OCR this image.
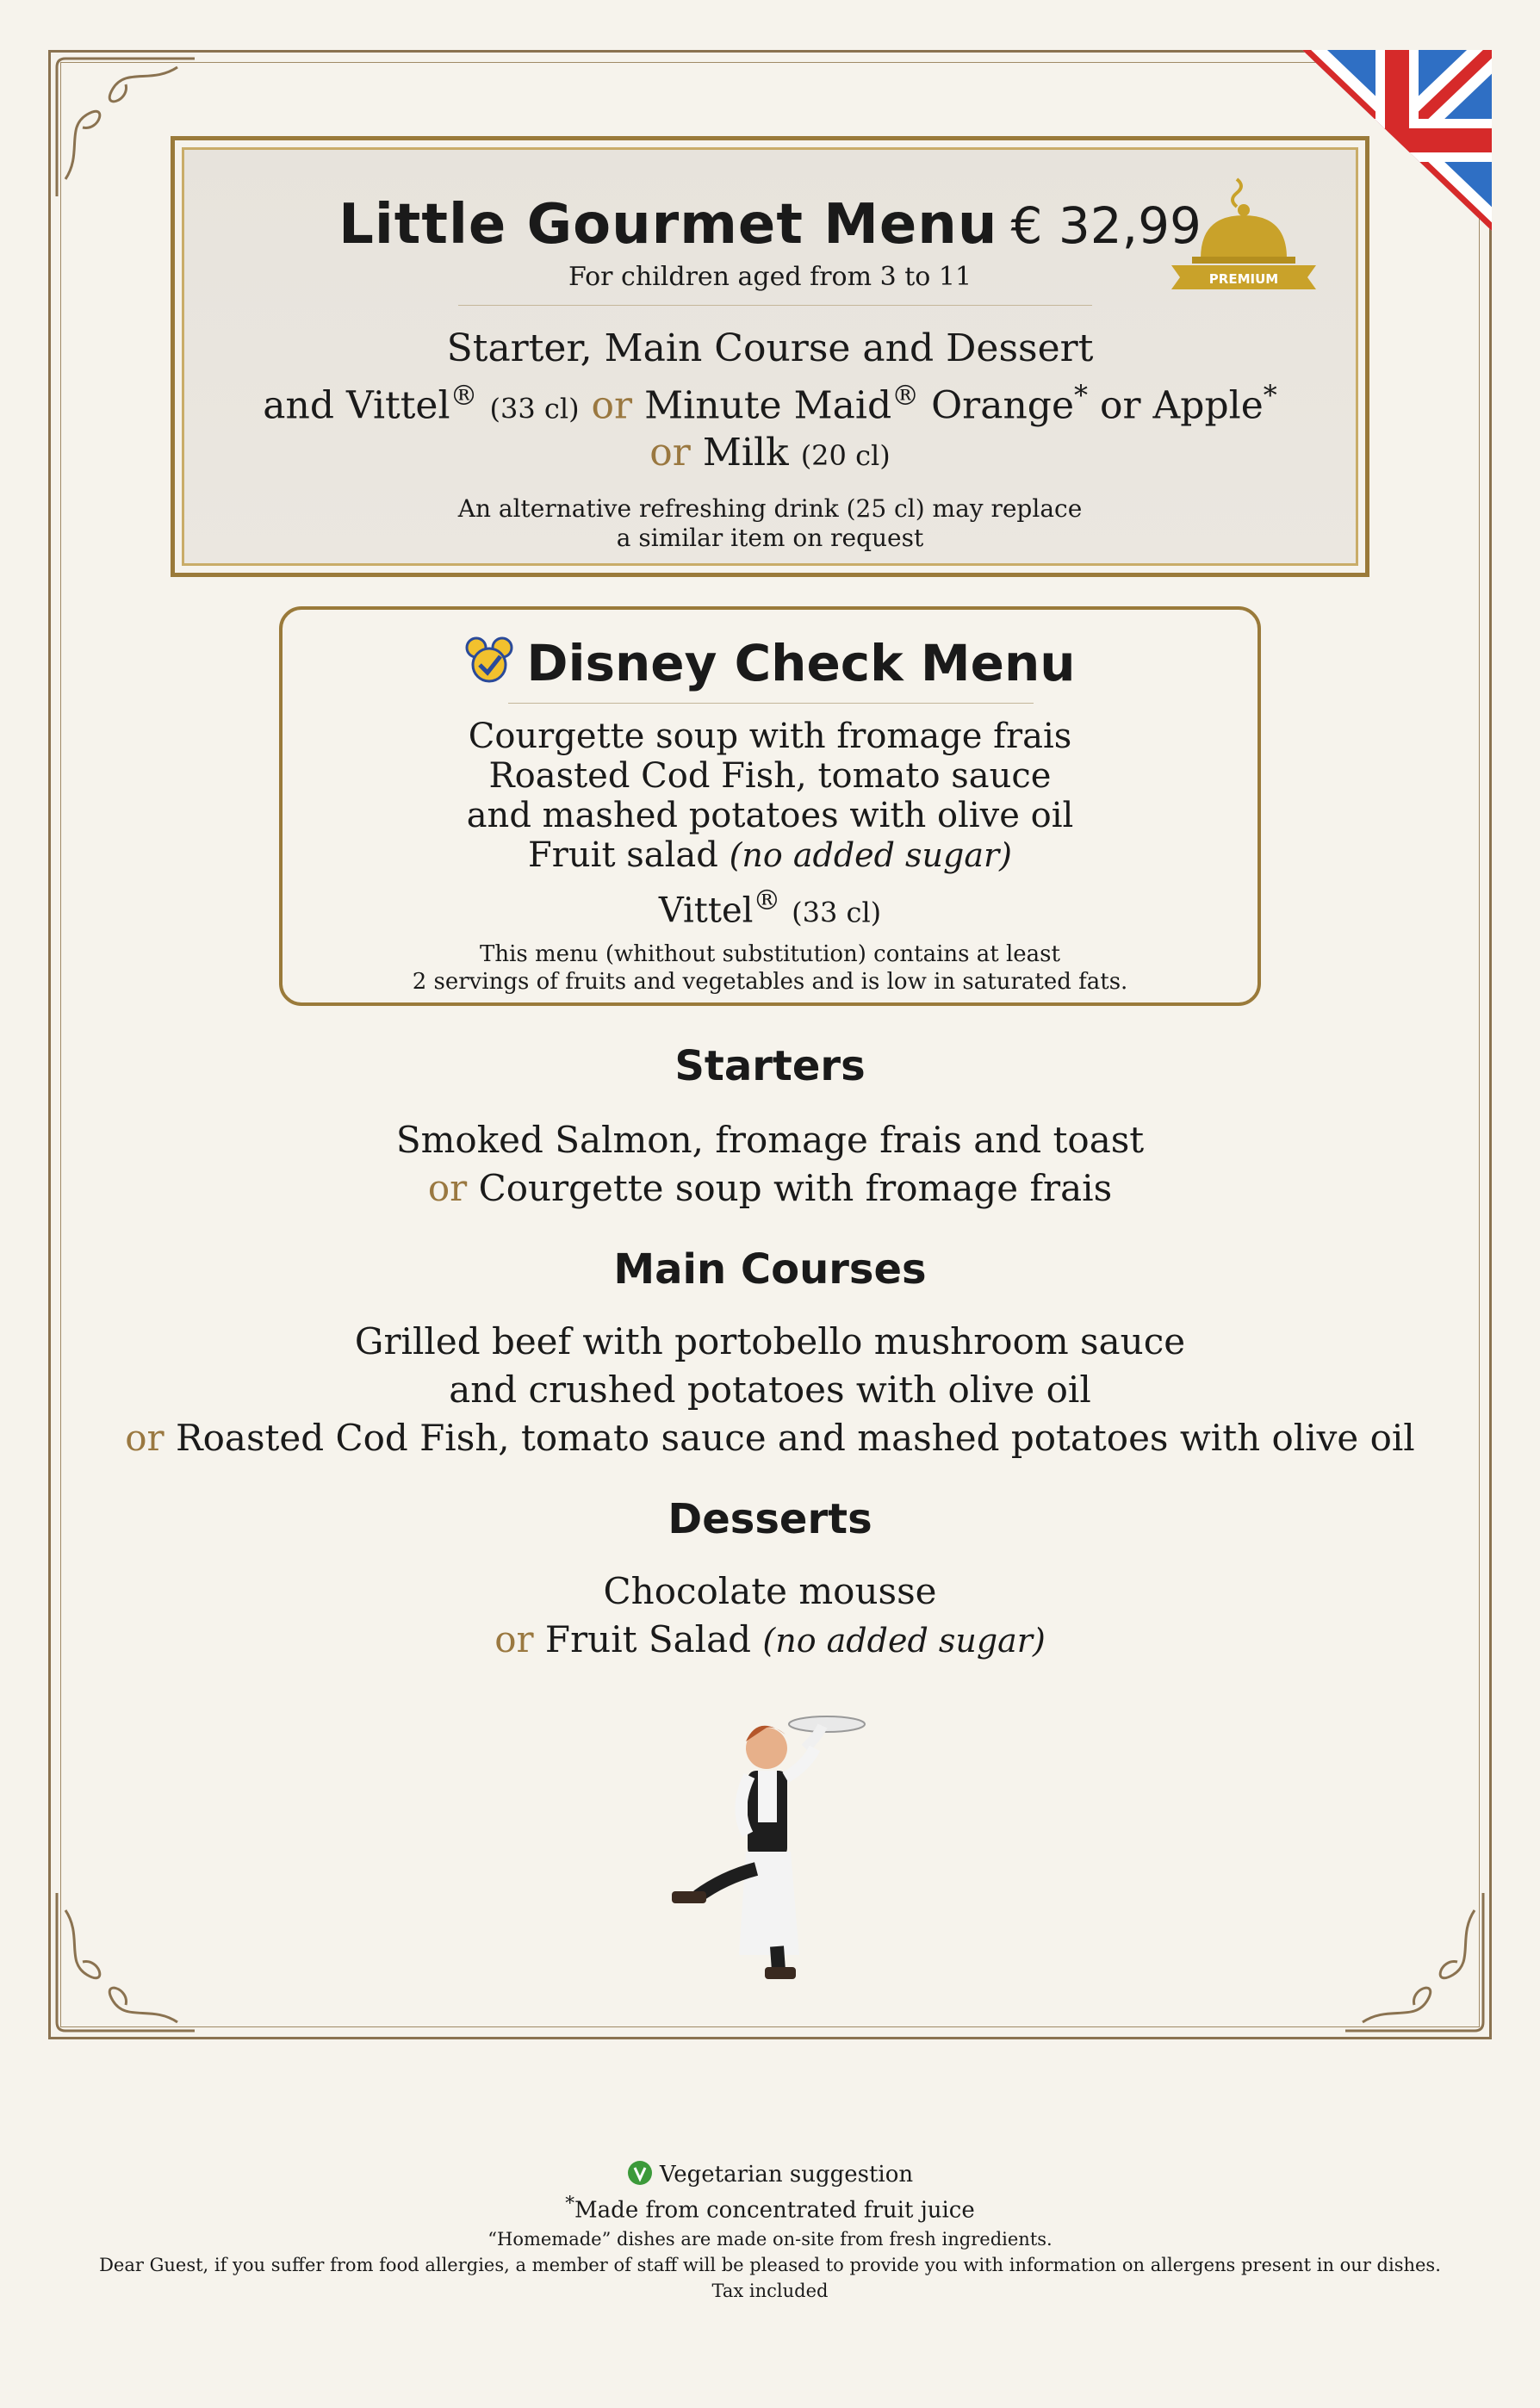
Little Gourmet Menu € 32,99
For children aged from 3 to 11
Starter, Main Course and Dessert
and Vittel® (33 cl) or Minute Maid® Orange* or Apple*
or Milk (20 cl)
An alternative refreshing drink (25 cl) may replace
a similar item on request
PREMIUM
Disney Check Menu
Courgette soup with fromage frais
Roasted Cod Fish, tomato sauce
and mashed potatoes with olive oil
Fruit salad (no added sugar)
Vittel® (33 cl)
This menu (whithout substitution) contains at least
2 servings of fruits and vegetables and is low in saturated fats.
Starters
Smoked Salmon, fromage frais and toast
or Courgette soup with fromage frais
Main Courses
Grilled beef with portobello mushroom sauce
and crushed potatoes with olive oil
or Roasted Cod Fish, tomato sauce and mashed potatoes with olive oil
Desserts
Chocolate mousse
or Fruit Salad (no added sugar)
Vegetarian suggestion
*Made from concentrated fruit juice
“Homemade” dishes are made on-site from fresh ingredients.
Dear Guest, if you suffer from food allergies, a member of staff will be pleased to provide you with information on allergens present in our dishes.
Tax included
